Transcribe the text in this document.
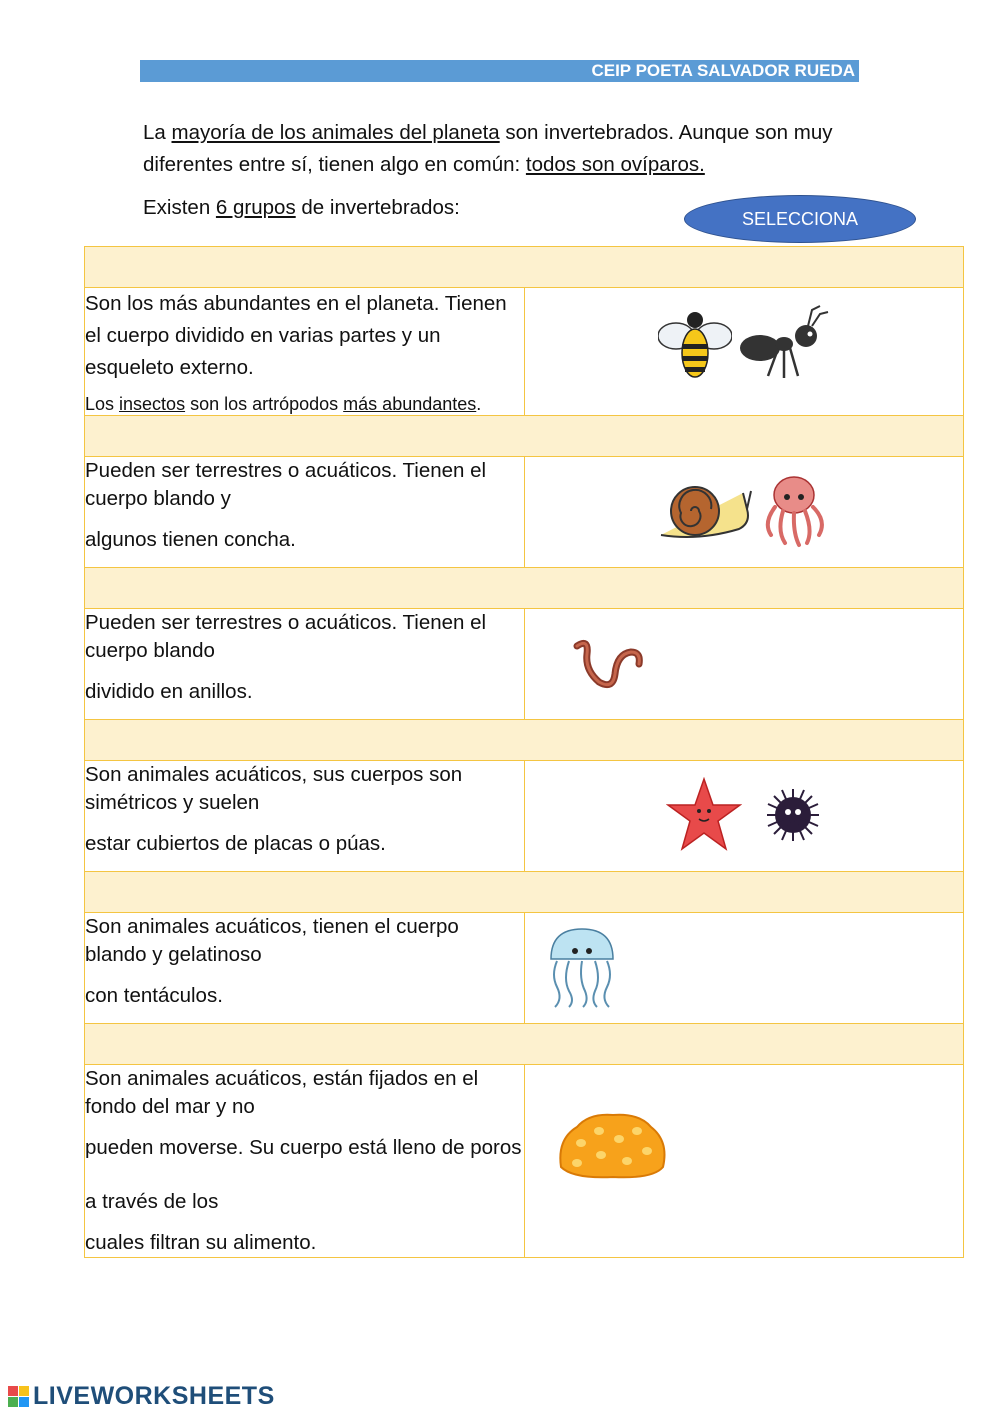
CEIP POETA SALVADOR RUEDA
La mayoría de los animales del planeta son invertebrados. Aunque son muy diferentes entre sí, tienen algo en común: todos son ovíparos.
Existen 6 grupos de invertebrados:	SELECCIONA

Son los más abundantes en el planeta. Tienen el cuerpo dividido en varias partes y un esqueleto externo.

Los insectos son los artrópodos más abundantes.

Pueden ser terrestres o acuáticos. Tienen el cuerpo blando y

algunos tienen concha.

Pueden ser terrestres o acuáticos. Tienen el cuerpo blando

dividido en anillos.

Son animales acuáticos, sus cuerpos son simétricos y suelen

estar cubiertos de placas o púas.

Son animales acuáticos, tienen el cuerpo blando y gelatinoso

con tentáculos.

Son animales acuáticos, están fijados en el fondo del mar y no

pueden moverse. Su cuerpo está lleno de poros a través de los

cuales filtran su alimento.

LIVEWORKSHEETS
